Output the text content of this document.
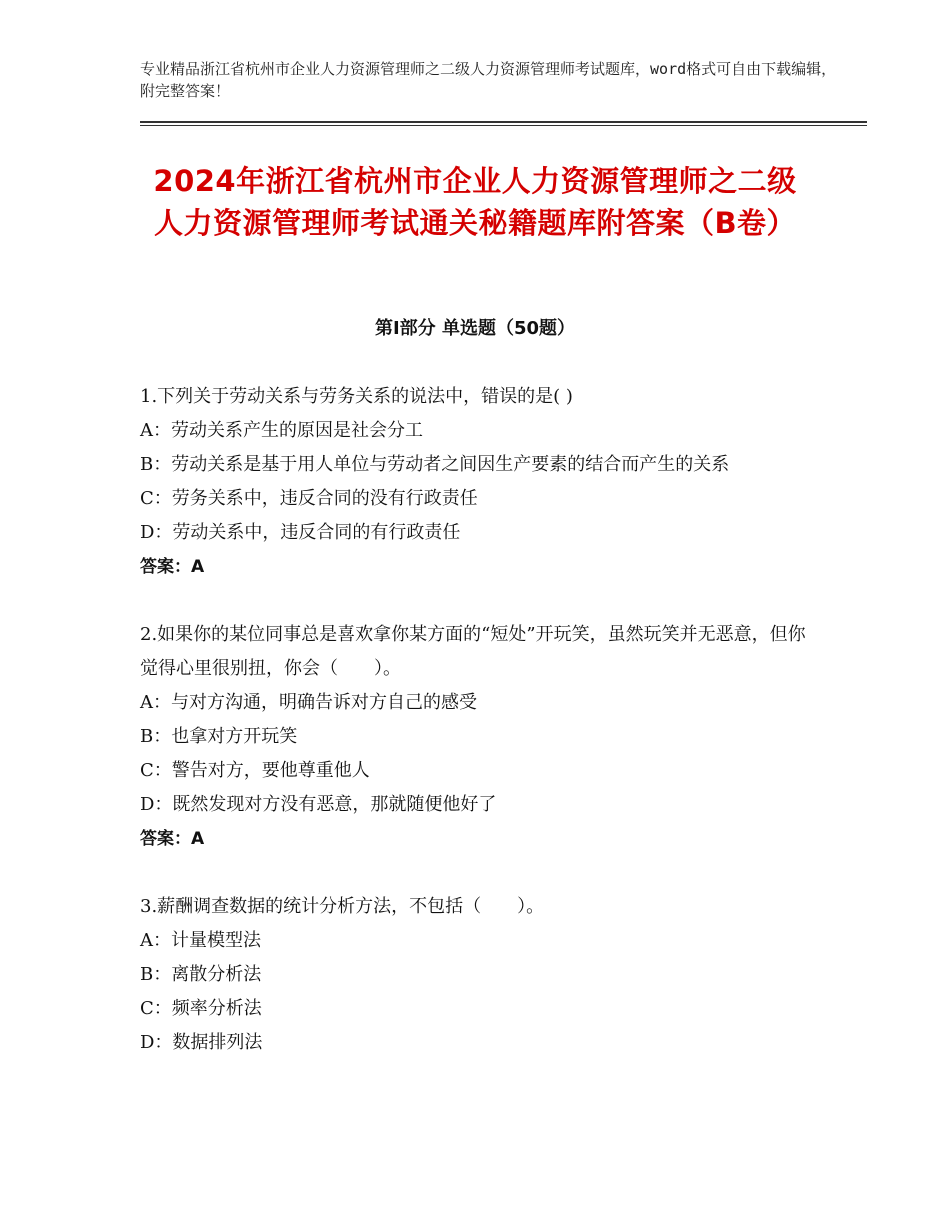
专业精品浙江省杭州市企业人力资源管理师之二级人力资源管理师考试题库，word格式可自由下载编辑，附完整答案！
2024年浙江省杭州市企业人力资源管理师之二级人力资源管理师考试通关秘籍题库附答案（B卷）
第Ⅰ部分 单选题（50题）
1.下列关于劳动关系与劳务关系的说法中，错误的是( )
A：劳动关系产生的原因是社会分工
B：劳动关系是基于用人单位与劳动者之间因生产要素的结合而产生的关系
C：劳务关系中，违反合同的没有行政责任
D：劳动关系中，违反合同的有行政责任
答案：A
2.如果你的某位同事总是喜欢拿你某方面的“短处”开玩笑，虽然玩笑并无恶意，但你觉得心里很别扭，你会（　　）。
A：与对方沟通，明确告诉对方自己的感受
B：也拿对方开玩笑
C：警告对方，要他尊重他人
D：既然发现对方没有恶意，那就随便他好了
答案：A
3.薪酬调查数据的统计分析方法，不包括（　　）。
A：计量模型法
B：离散分析法
C：频率分析法
D：数据排列法
